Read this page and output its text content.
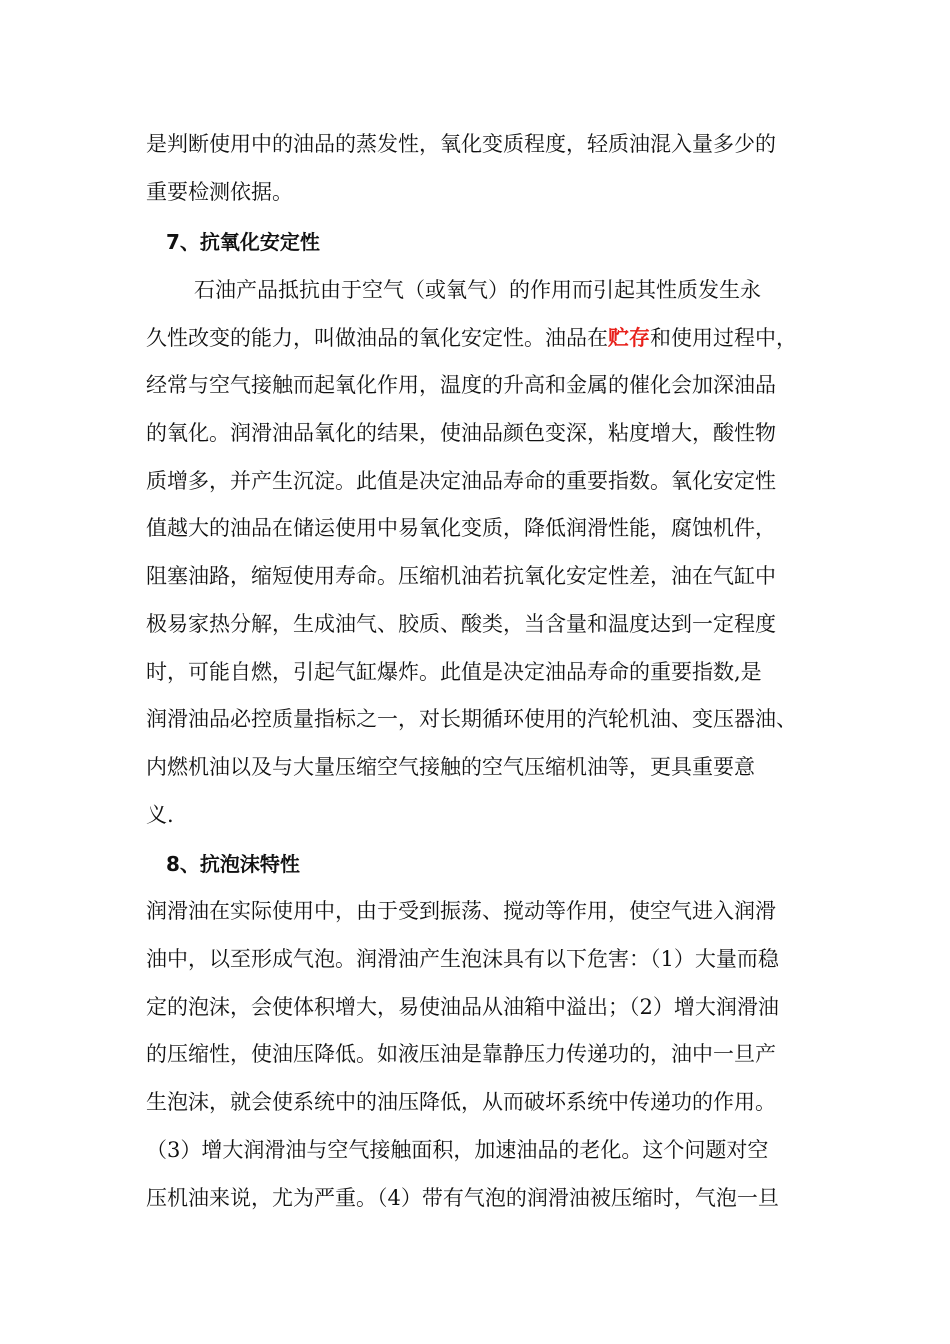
是判断使用中的油品的蒸发性，氧化变质程度，轻质油混入量多少的
重要检测依据。
7、抗氧化安定性
石油产品抵抗由于空气（或氧气）的作用而引起其性质发生永
久性改变的能力，叫做油品的氧化安定性。油品在贮存和使用过程中，
经常与空气接触而起氧化作用，温度的升高和金属的催化会加深油品
的氧化。润滑油品氧化的结果，使油品颜色变深，粘度增大，酸性物
质增多，并产生沉淀。此值是决定油品寿命的重要指数。氧化安定性
值越大的油品在储运使用中易氧化变质，降低润滑性能，腐蚀机件，
阻塞油路，缩短使用寿命。压缩机油若抗氧化安定性差，油在气缸中
极易家热分解，生成油气、胶质、酸类，当含量和温度达到一定程度
时，可能自燃，引起气缸爆炸。此值是决定油品寿命的重要指数,是
润滑油品必控质量指标之一，对长期循环使用的汽轮机油、变压器油、
内燃机油以及与大量压缩空气接触的空气压缩机油等，更具重要意
义.
8、抗泡沫特性
润滑油在实际使用中，由于受到振荡、搅动等作用，使空气进入润滑
油中，以至形成气泡。润滑油产生泡沫具有以下危害：（1）大量而稳
定的泡沫，会使体积增大，易使油品从油箱中溢出；（2）增大润滑油
的压缩性，使油压降低。如液压油是靠静压力传递功的，油中一旦产
生泡沫，就会使系统中的油压降低，从而破坏系统中传递功的作用。
（3）增大润滑油与空气接触面积，加速油品的老化。这个问题对空
压机油来说，尤为严重。（4）带有气泡的润滑油被压缩时，气泡一旦
